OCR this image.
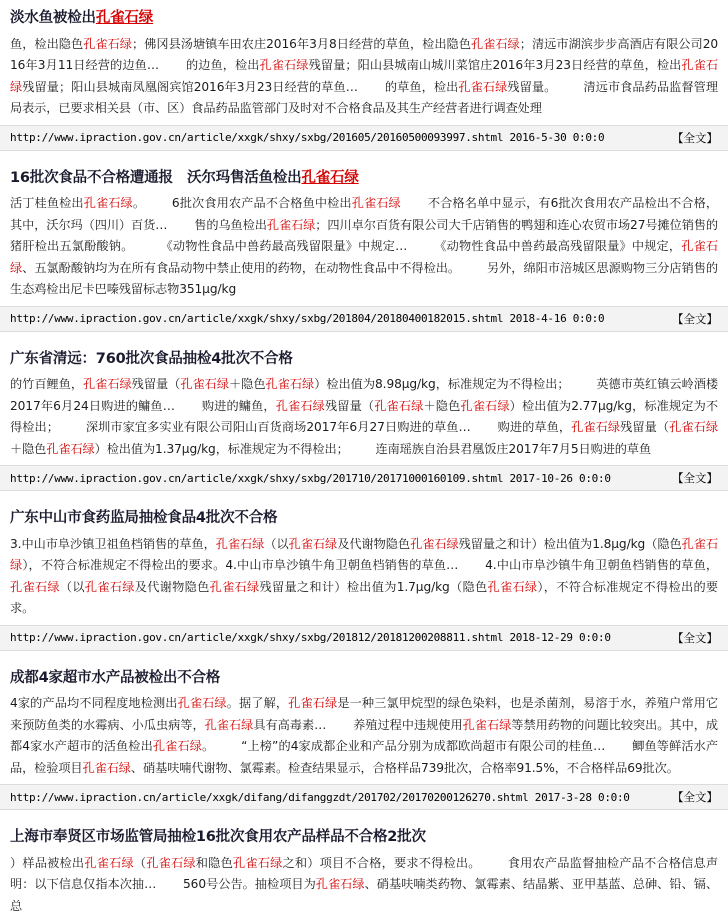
淡水鱼被检出孔雀石绿
鱼，检出隐色孔雀石绿；佛冈县汤塘镇车田农庄2016年3月8日经营的草鱼，检出隐色孔雀石绿；清远市湖滨步步高酒店有限公司2016年3月11日经营的边鱼… 的边鱼，检出孔雀石绿残留量；阳山县城南山城川菜馆庄2016年3月23日经营的草鱼，检出孔雀石绿残留量；阳山县城南凤凰阁宾馆2016年3月23日经营的草鱼… 的草鱼，检出孔雀石绿残留量。 清远市食品药品监督管理局表示，已要求相关县（市、区）食品药品监管部门及时对不合格食品及其生产经营者进行调查处理
http://www.ipraction.gov.cn/article/xxgk/shxy/sxbg/201605/20160500093997.shtml 2016-5-30 0:0:0	【全文】
16批次食品不合格遭通报　沃尔玛售活鱼检出孔雀石绿
活丁桂鱼检出孔雀石绿。 6批次食用农产品不合格鱼中检出孔雀石绿 不合格名单中显示，有6批次食用农产品检出不合格，其中，沃尔玛（四川）百货… 售的乌鱼检出孔雀石绿；四川卓尔百货有限公司大千店销售的鸭翅和连心农贸市场27号摊位销售的猪肝检出五氯酚酸钠。 《动物性食品中兽药最高残留限量》中规定… 《动物性食品中兽药最高残留限量》中规定，孔雀石绿、五氯酚酸钠均为在所有食品动物中禁止使用的药物，在动物性食品中不得检出。 另外，绵阳市涪城区思源购物三分店销售的生态鸡检出尼卡巴嗪残留标志物351μg/kg
http://www.ipraction.gov.cn/article/xxgk/shxy/sxbg/201804/20180400182015.shtml 2018-4-16 0:0:0	【全文】
广东省清远：760批次食品抽检4批次不合格
的竹百鲤鱼，孔雀石绿残留量（孔雀石绿＋隐色孔雀石绿）检出值为8.98μg/kg，标准规定为不得检出； 英德市英红镇云岭酒楼2017年6月24日购进的鳙鱼… 购进的鳙鱼，孔雀石绿残留量（孔雀石绿＋隐色孔雀石绿）检出值为2.77μg/kg，标准规定为不得检出； 深圳市家宜多实业有限公司阳山百货商场2017年6月27日购进的草鱼… 购进的草鱼，孔雀石绿残留量（孔雀石绿＋隐色孔雀石绿）检出值为1.37μg/kg，标准规定为不得检出； 连南瑶族自治县君凰饭庄2017年7月5日购进的草鱼
http://www.ipraction.gov.cn/article/xxgk/shxy/sxbg/201710/20171000160109.shtml 2017-10-26 0:0:0	【全文】
广东中山市食药监局抽检食品4批次不合格
3.中山市阜沙镇卫祖鱼档销售的草鱼，孔雀石绿（以孔雀石绿及代谢物隐色孔雀石绿残留量之和计）检出值为1.8μg/kg（隐色孔雀石绿），不符合标准规定不得检出的要求。4.中山市阜沙镇牛角卫朝鱼档销售的草鱼… 4.中山市阜沙镇牛角卫朝鱼档销售的草鱼，孔雀石绿（以孔雀石绿及代谢物隐色孔雀石绿残留量之和计）检出值为1.7μg/kg（隐色孔雀石绿），不符合标准规定不得检出的要求。
http://www.ipraction.gov.cn/article/xxgk/shxy/sxbg/201812/20181200208811.shtml 2018-12-29 0:0:0	【全文】
成都4家超市水产品被检出不合格
4家的产品均不同程度地检测出孔雀石绿。据了解，孔雀石绿是一种三氯甲烷型的绿色染料，也是杀菌剂，易溶于水，养殖户常用它来预防鱼类的水霉病、小瓜虫病等，孔雀石绿具有高毒素… 养殖过程中违规使用孔雀石绿等禁用药物的问题比较突出。其中，成都4家水产超市的活鱼检出孔雀石绿。 “上榜”的4家成都企业和产品分别为成都欧尚超市有限公司的桂鱼… 鲫鱼等鲜活水产品，检验项目孔雀石绿、硝基呋喃代谢物、氯霉素。检查结果显示，合格样品739批次，合格率91.5%，不合格样品69批次。
http://www.ipraction.cn/article/xxgk/difang/difanggzdt/201702/20170200126270.shtml 2017-3-28 0:0:0	【全文】
上海市奉贤区市场监管局抽检16批次食用农产品样品不合格2批次
）样品被检出孔雀石绿（孔雀石绿和隐色孔雀石绿之和）项目不合格，要求不得检出。 食用农产品监督抽检产品不合格信息声明：以下信息仅指本次抽… 560号公告。抽检项目为孔雀石绿、硝基呋喃类药物、氯霉素、结晶紫、亚甲基蓝、总砷、铅、镉、总
